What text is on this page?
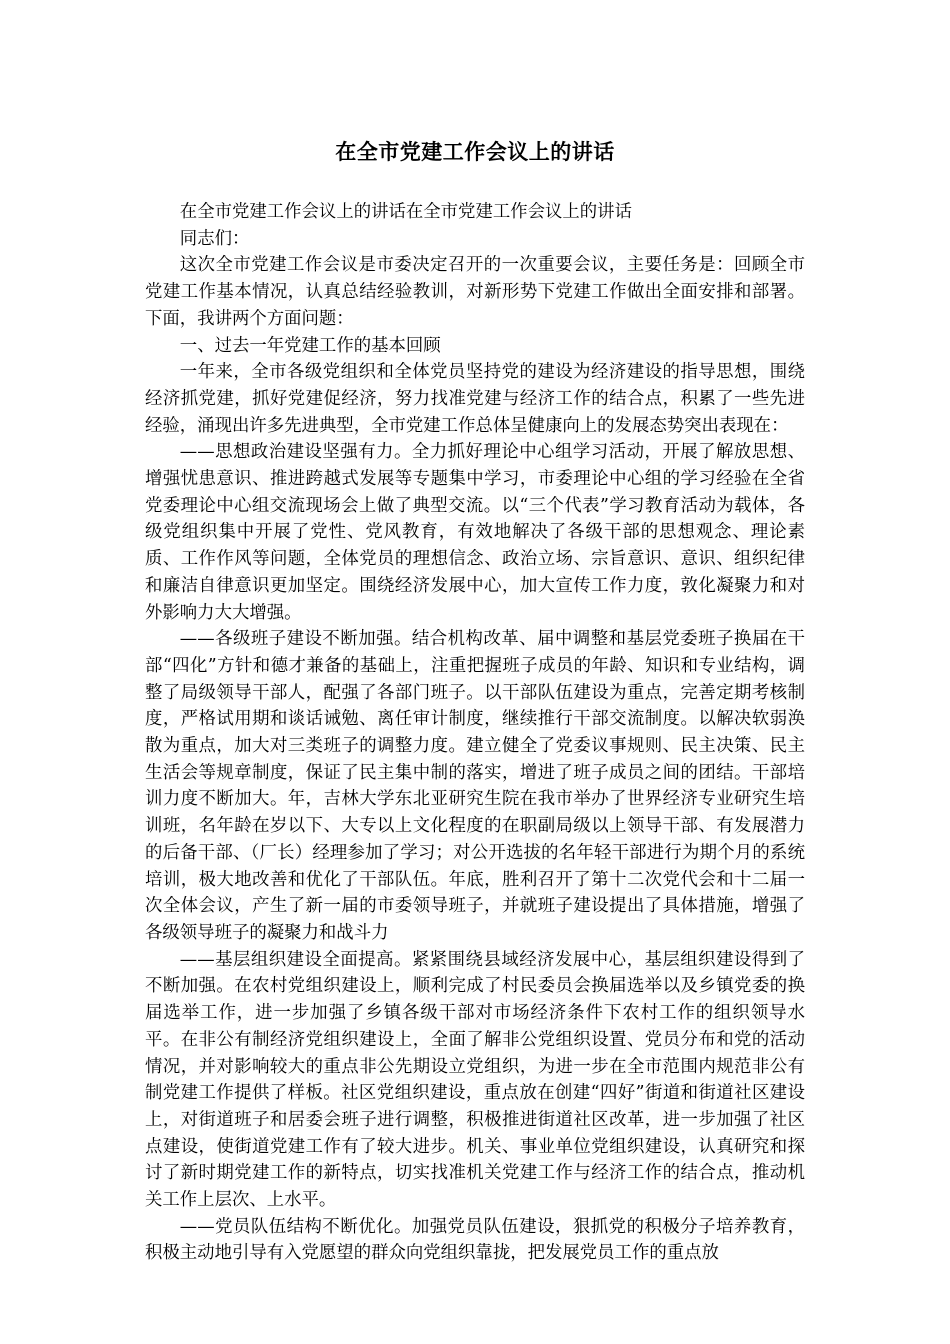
在全市党建工作会议上的讲话

在全市党建工作会议上的讲话在全市党建工作会议上的讲话

同志们：

这次全市党建工作会议是市委决定召开的一次重要会议，主要任务是：回顾全市党建工作基本情况，认真总结经验教训，对新形势下党建工作做出全面安排和部署。下面，我讲两个方面问题：

一、过去一年党建工作的基本回顾

一年来，全市各级党组织和全体党员坚持党的建设为经济建设的指导思想，围绕经济抓党建，抓好党建促经济，努力找准党建与经济工作的结合点，积累了一些先进经验，涌现出许多先进典型，全市党建工作总体呈健康向上的发展态势突出表现在：

——思想政治建设坚强有力。全力抓好理论中心组学习活动，开展了解放思想、增强忧患意识、推进跨越式发展等专题集中学习，市委理论中心组的学习经验在全省党委理论中心组交流现场会上做了典型交流。以“三个代表”学习教育活动为载体，各级党组织集中开展了党性、党风教育，有效地解决了各级干部的思想观念、理论素质、工作作风等问题，全体党员的理想信念、政治立场、宗旨意识、意识、组织纪律和廉洁自律意识更加坚定。围绕经济发展中心，加大宣传工作力度，敦化凝聚力和对外影响力大大增强。

——各级班子建设不断加强。结合机构改革、届中调整和基层党委班子换届在干部“四化”方针和德才兼备的基础上，注重把握班子成员的年龄、知识和专业结构，调整了局级领导干部人，配强了各部门班子。以干部队伍建设为重点，完善定期考核制度，严格试用期和谈话诫勉、离任审计制度，继续推行干部交流制度。以解决软弱涣散为重点，加大对三类班子的调整力度。建立健全了党委议事规则、民主决策、民主生活会等规章制度，保证了民主集中制的落实，增进了班子成员之间的团结。干部培训力度不断加大。年，吉林大学东北亚研究生院在我市举办了世界经济专业研究生培训班，名年龄在岁以下、大专以上文化程度的在职副局级以上领导干部、有发展潜力的后备干部、（厂长）经理参加了学习；对公开选拔的名年轻干部进行为期个月的系统培训，极大地改善和优化了干部队伍。年底，胜利召开了第十二次党代会和十二届一次全体会议，产生了新一届的市委领导班子，并就班子建设提出了具体措施，增强了各级领导班子的凝聚力和战斗力

——基层组织建设全面提高。紧紧围绕县域经济发展中心，基层组织建设得到了不断加强。在农村党组织建设上，顺利完成了村民委员会换届选举以及乡镇党委的换届选举工作，进一步加强了乡镇各级干部对市场经济条件下农村工作的组织领导水平。在非公有制经济党组织建设上，全面了解非公党组织设置、党员分布和党的活动情况，并对影响较大的重点非公先期设立党组织，为进一步在全市范围内规范非公有制党建工作提供了样板。社区党组织建设，重点放在创建“四好”街道和街道社区建设上，对街道班子和居委会班子进行调整，积极推进街道社区改革，进一步加强了社区点建设，使街道党建工作有了较大进步。机关、事业单位党组织建设，认真研究和探讨了新时期党建工作的新特点，切实找准机关党建工作与经济工作的结合点，推动机关工作上层次、上水平。

——党员队伍结构不断优化。加强党员队伍建设，狠抓党的积极分子培养教育，积极主动地引导有入党愿望的群众向党组织靠拢，把发展党员工作的重点放
